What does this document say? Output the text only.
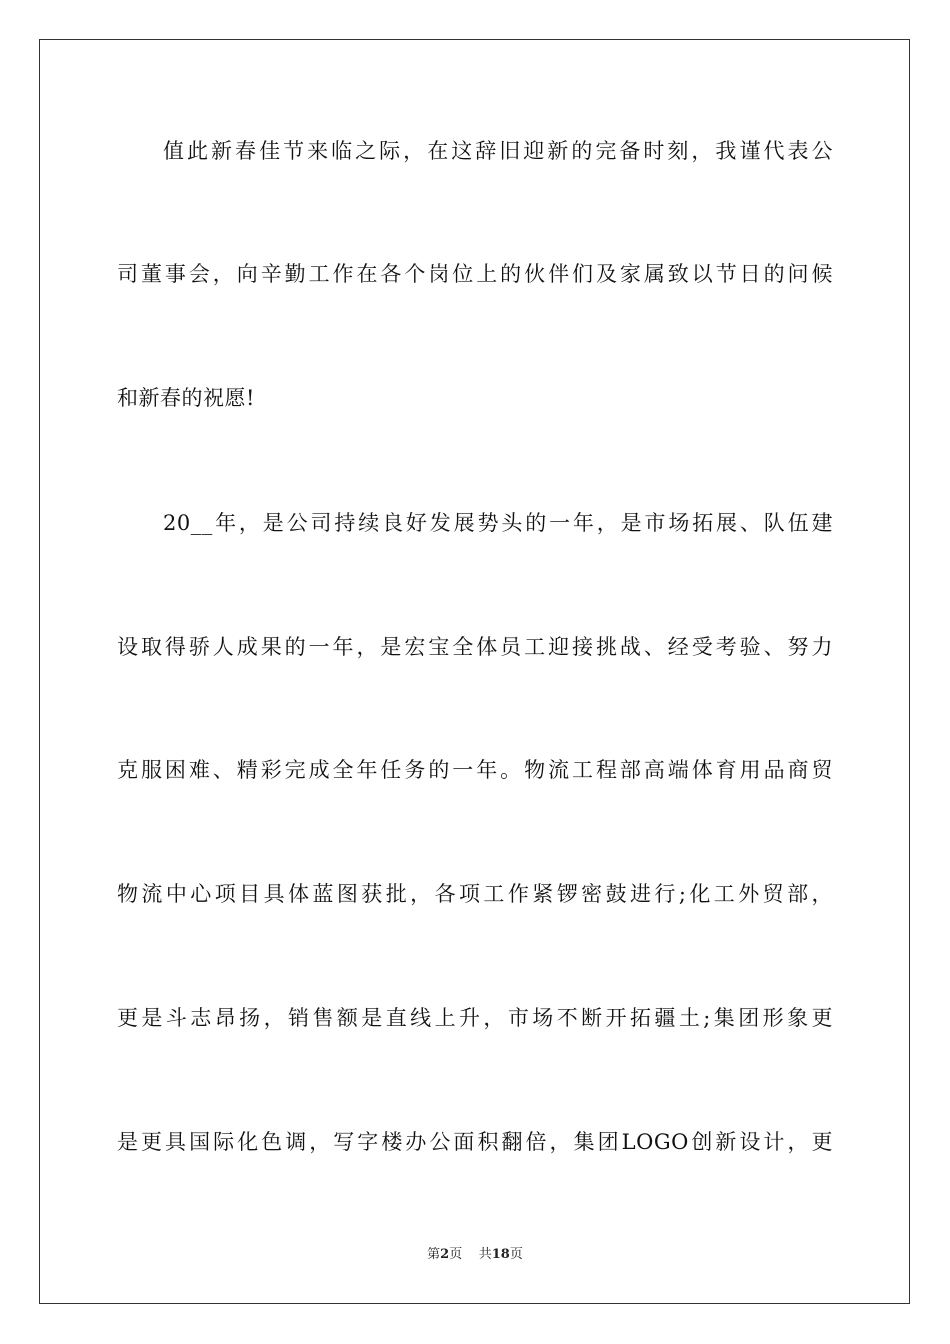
值此新春佳节来临之际，在这辞旧迎新的完备时刻，我谨代表公
司董事会，向辛勤工作在各个岗位上的伙伴们及家属致以节日的问候
和新春的祝愿!
20__年，是公司持续良好发展势头的一年，是市场拓展、队伍建
设取得骄人成果的一年，是宏宝全体员工迎接挑战、经受考验、努力
克服困难、精彩完成全年任务的一年。物流工程部高端体育用品商贸
物流中心项目具体蓝图获批，各项工作紧锣密鼓进行;化工外贸部，
更是斗志昂扬，销售额是直线上升，市场不断开拓疆土;集团形象更
是更具国际化色调，写字楼办公面积翻倍，集团LOGO创新设计，更
第2页 共18页
